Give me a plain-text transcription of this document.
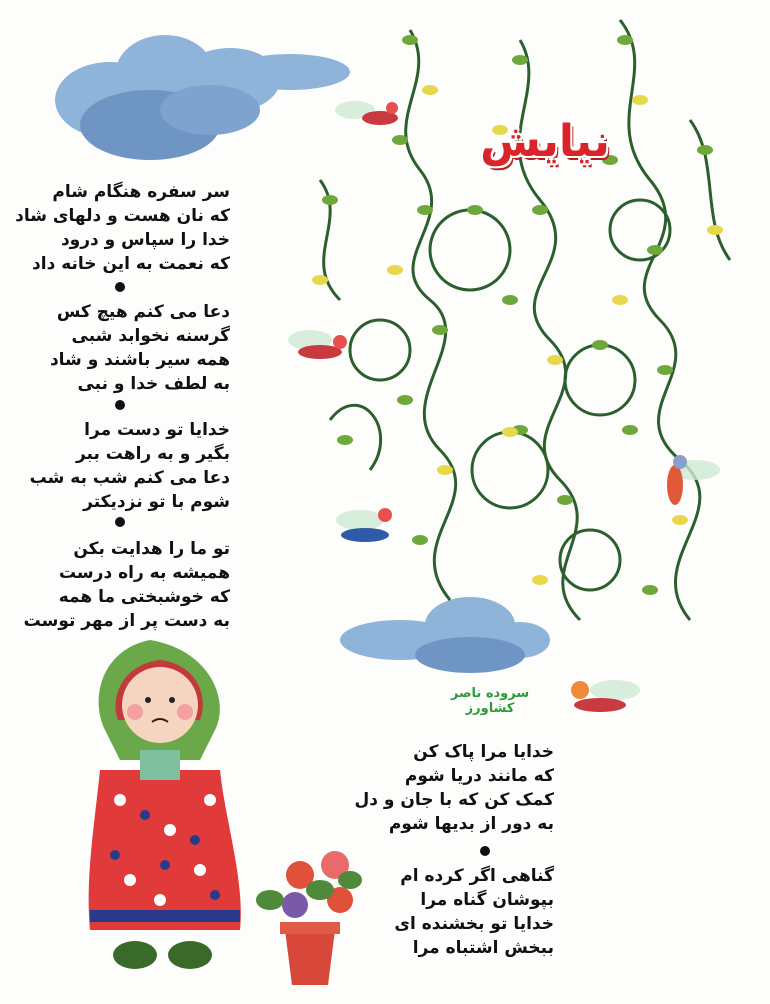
نیایش
سر سفره هنگام شام
که نان هست و دلهای شاد
خدا را سپاس و درود
که نعمت به این خانه داد
دعا می کنم هیچ کس
گرسنه نخوابد شبی
همه سیر باشند و شاد
به لطف خدا و نبی
خدایا تو دست مرا
بگیر و به راهت ببر
دعا می کنم شب به شب
شوم با تو نزدیکتر
تو ما را هدایت بکن
همیشه به راه درست
که خوشبختی ما همه
به دست پر از مهر توست
سروده ناصر کشاورز
خدایا مرا پاک کن
که مانند دریا شوم
کمک کن که با جان و دل
به دور از بدیها شوم
گناهی اگر کرده ام
بپوشان گناه مرا
خدایا تو بخشنده ای
ببخش اشتباه مرا
